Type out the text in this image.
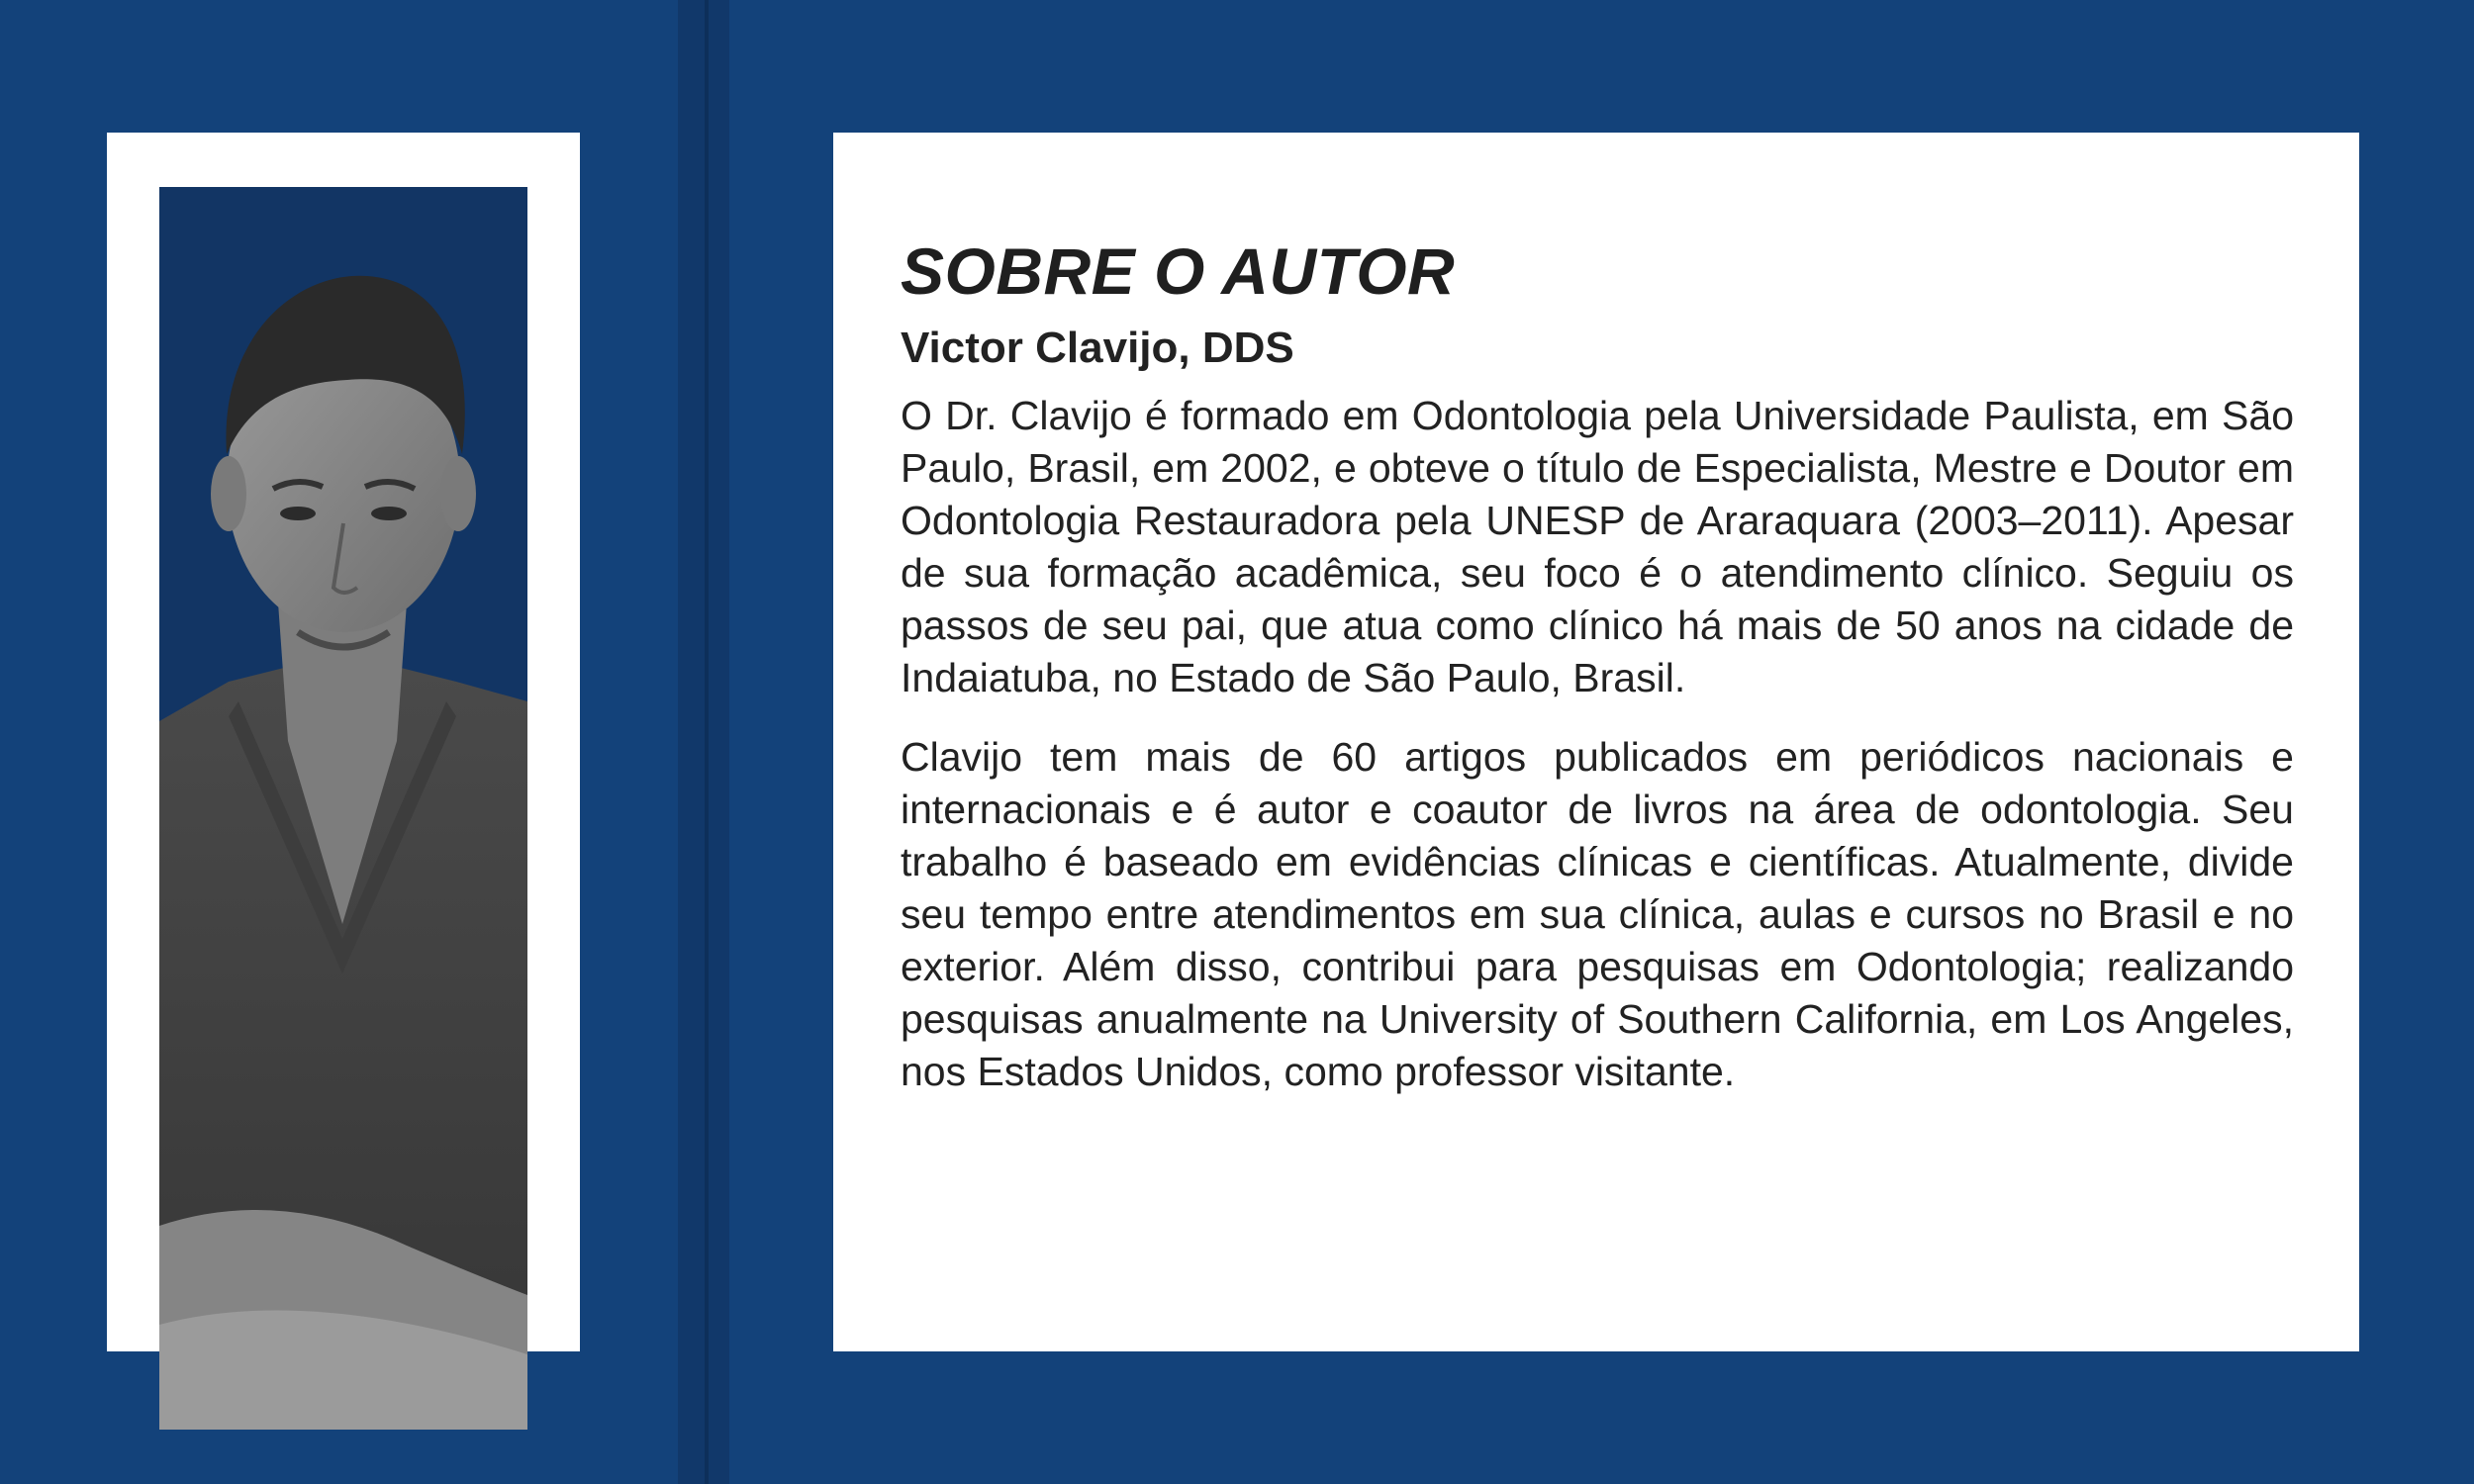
SOBRE O AUTOR
Victor Clavijo, DDS

O Dr. Clavijo é formado em Odontologia pela Universidade Paulista, em São Paulo, Brasil, em 2002, e obteve o título de Especialista, Mestre e Doutor em Odontologia Restauradora pela UNESP de Araraquara (2003–2011). Apesar de sua formação acadêmica, seu foco é o atendimento clínico. Seguiu os passos de seu pai, que atua como clínico há mais de 50 anos na cidade de Indaiatuba, no Estado de São Paulo, Brasil.

Clavijo tem mais de 60 artigos publicados em periódicos nacionais e internacionais e é autor e coautor de livros na área de odontologia. Seu trabalho é baseado em evidências clínicas e científicas. Atualmente, divide seu tempo entre atendimentos em sua clínica, aulas e cursos no Brasil e no exterior. Além disso, contribui para pesquisas em Odontologia; realizando pesquisas anualmente na University of Southern California, em Los Angeles, nos Estados Unidos, como professor visitante.
